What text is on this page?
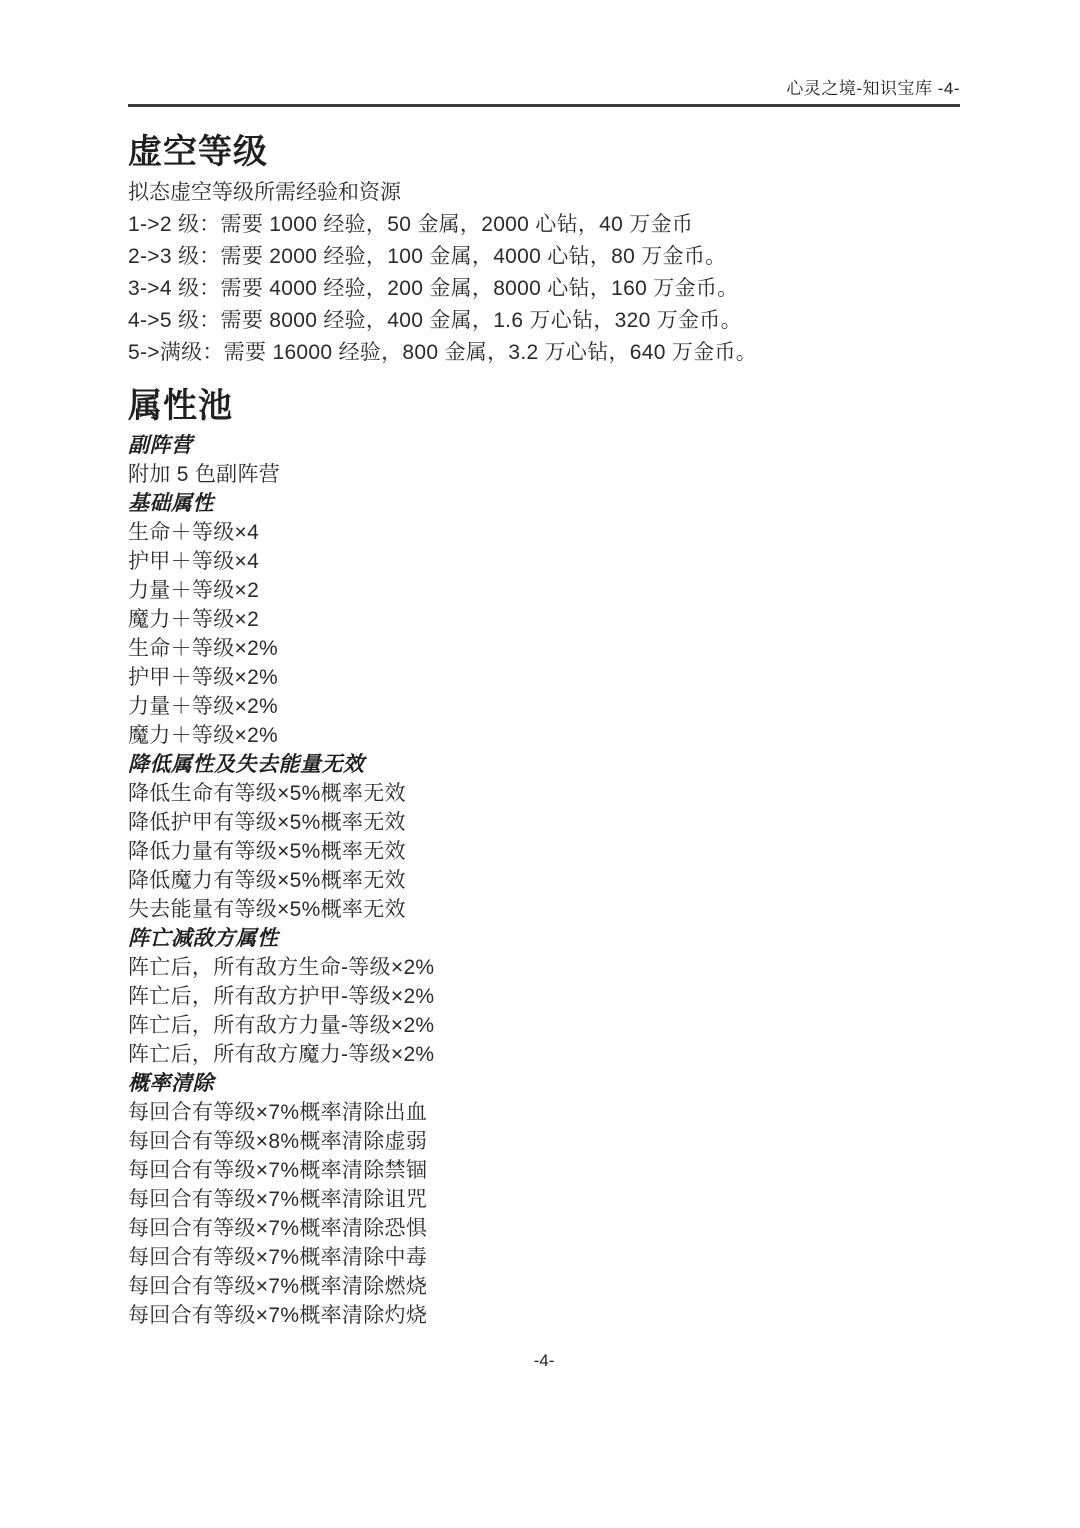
心灵之境-知识宝库 -4-
虚空等级
拟态虚空等级所需经验和资源
1->2 级：需要 1000 经验，50 金属，2000 心钻，40 万金币
2->3 级：需要 2000 经验，100 金属，4000 心钻，80 万金币。
3->4 级：需要 4000 经验，200 金属，8000 心钻，160 万金币。
4->5 级：需要 8000 经验，400 金属，1.6 万心钻，320 万金币。
5->满级：需要 16000 经验，800 金属，3.2 万心钻，640 万金币。
属性池
副阵营
附加 5 色副阵营
基础属性
生命＋等级×4
护甲＋等级×4
力量＋等级×2
魔力＋等级×2
生命＋等级×2%
护甲＋等级×2%
力量＋等级×2%
魔力＋等级×2%
降低属性及失去能量无效
降低生命有等级×5%概率无效
降低护甲有等级×5%概率无效
降低力量有等级×5%概率无效
降低魔力有等级×5%概率无效
失去能量有等级×5%概率无效
阵亡减敌方属性
阵亡后，所有敌方生命-等级×2%
阵亡后，所有敌方护甲-等级×2%
阵亡后，所有敌方力量-等级×2%
阵亡后，所有敌方魔力-等级×2%
概率清除
每回合有等级×7%概率清除出血
每回合有等级×8%概率清除虚弱
每回合有等级×7%概率清除禁锢
每回合有等级×7%概率清除诅咒
每回合有等级×7%概率清除恐惧
每回合有等级×7%概率清除中毒
每回合有等级×7%概率清除燃烧
每回合有等级×7%概率清除灼烧
-4-
